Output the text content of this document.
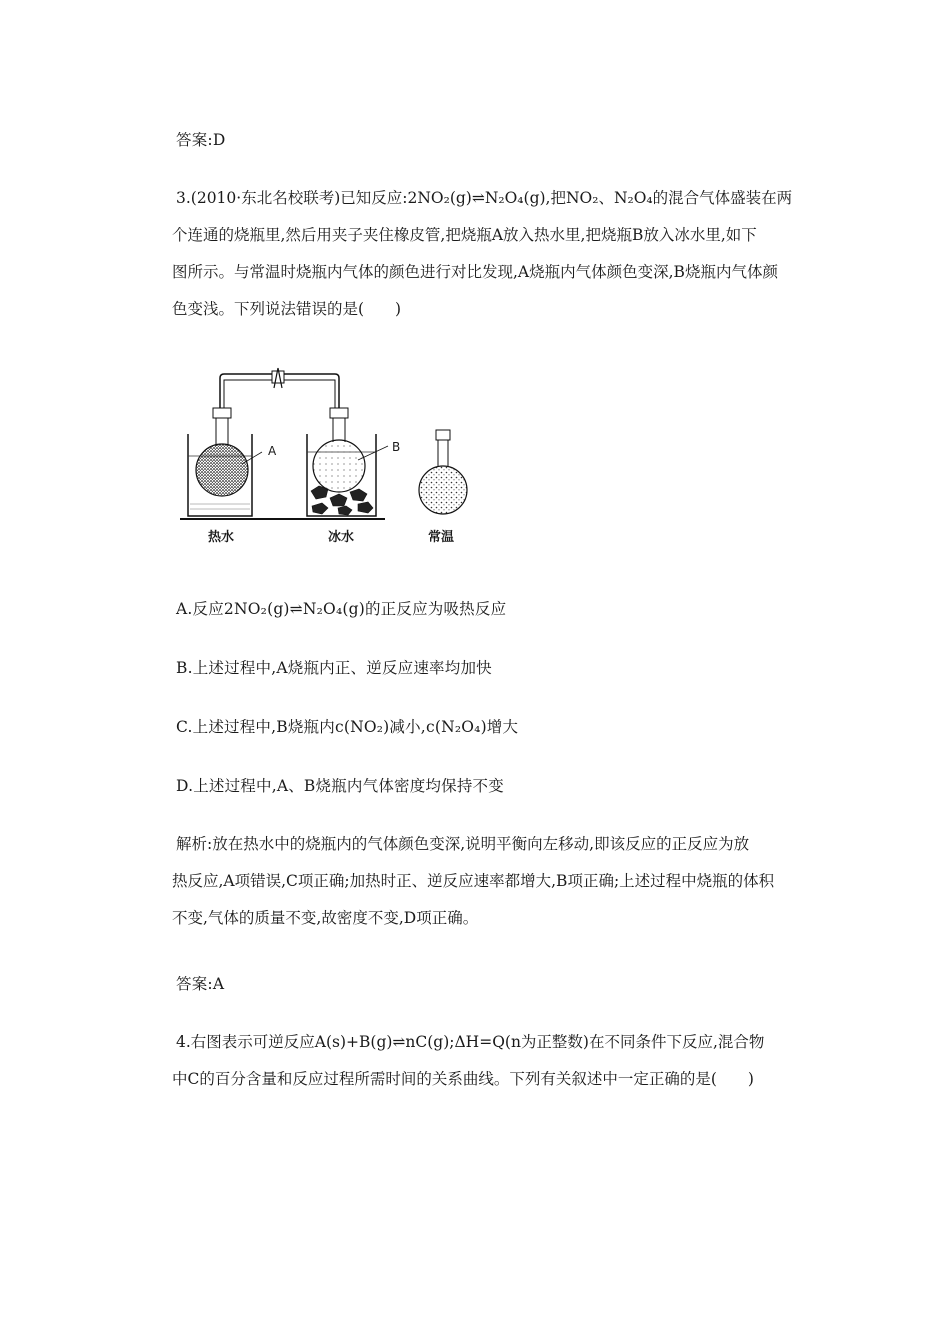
答案:D
3.(2010·东北名校联考)已知反应:2NO₂(g)⇌N₂O₄(g),把NO₂、N₂O₄的混合气体盛装在两
个连通的烧瓶里,然后用夹子夹住橡皮管,把烧瓶A放入热水里,把烧瓶B放入冰水里,如下
图所示。与常温时烧瓶内气体的颜色进行对比发现,A烧瓶内气体颜色变深,B烧瓶内气体颜
色变浅。下列说法错误的是(　　)
A	B
热水	冰水	常温
A.反应2NO₂(g)⇌N₂O₄(g)的正反应为吸热反应
B.上述过程中,A烧瓶内正、逆反应速率均加快
C.上述过程中,B烧瓶内c(NO₂)减小,c(N₂O₄)增大
D.上述过程中,A、B烧瓶内气体密度均保持不变
解析:放在热水中的烧瓶内的气体颜色变深,说明平衡向左移动,即该反应的正反应为放
热反应,A项错误,C项正确;加热时正、逆反应速率都增大,B项正确;上述过程中烧瓶的体积
不变,气体的质量不变,故密度不变,D项正确。
答案:A
4.右图表示可逆反应A(s)+B(g)⇌nC(g);ΔH=Q(n为正整数)在不同条件下反应,混合物
中C的百分含量和反应过程所需时间的关系曲线。下列有关叙述中一定正确的是(　　)
